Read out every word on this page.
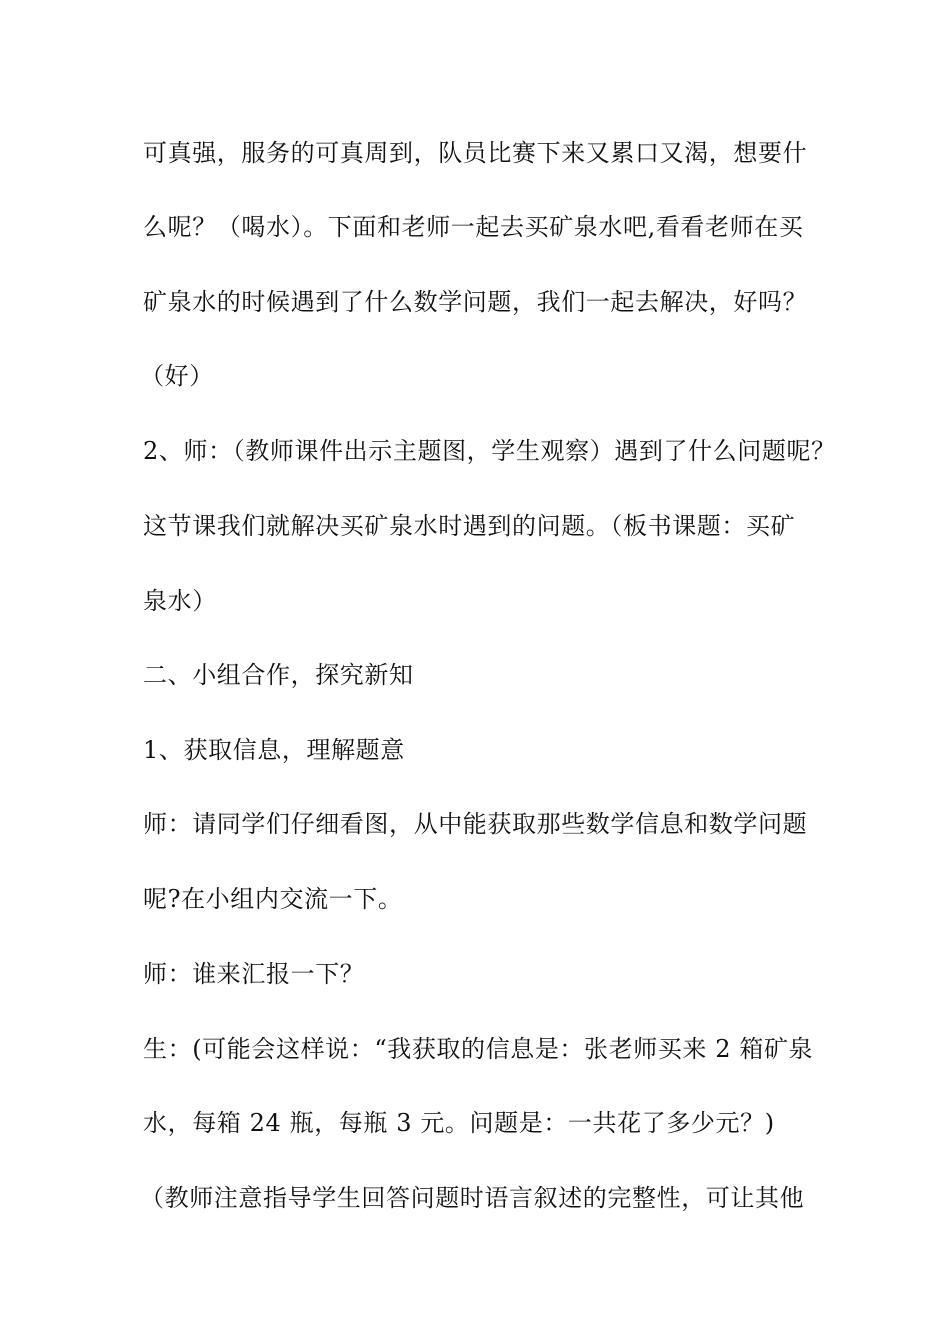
可真强，服务的可真周到，队员比赛下来又累口又渴，想要什
么呢？（喝水）。下面和老师一起去买矿泉水吧,看看老师在买
矿泉水的时候遇到了什么数学问题，我们一起去解决，好吗？
（好）
2、师：（教师课件出示主题图，学生观察）遇到了什么问题呢？
这节课我们就解决买矿泉水时遇到的问题。（板书课题：买矿
泉水）
二、小组合作，探究新知
1、获取信息，理解题意
师：请同学们仔细看图，从中能获取那些数学信息和数学问题
呢?在小组内交流一下。
师：谁来汇报一下？
生：(可能会这样说：“我获取的信息是：张老师买来 2 箱矿泉
水，每箱 24 瓶，每瓶 3 元。问题是：一共花了多少元？)
（教师注意指导学生回答问题时语言叙述的完整性，可让其他
